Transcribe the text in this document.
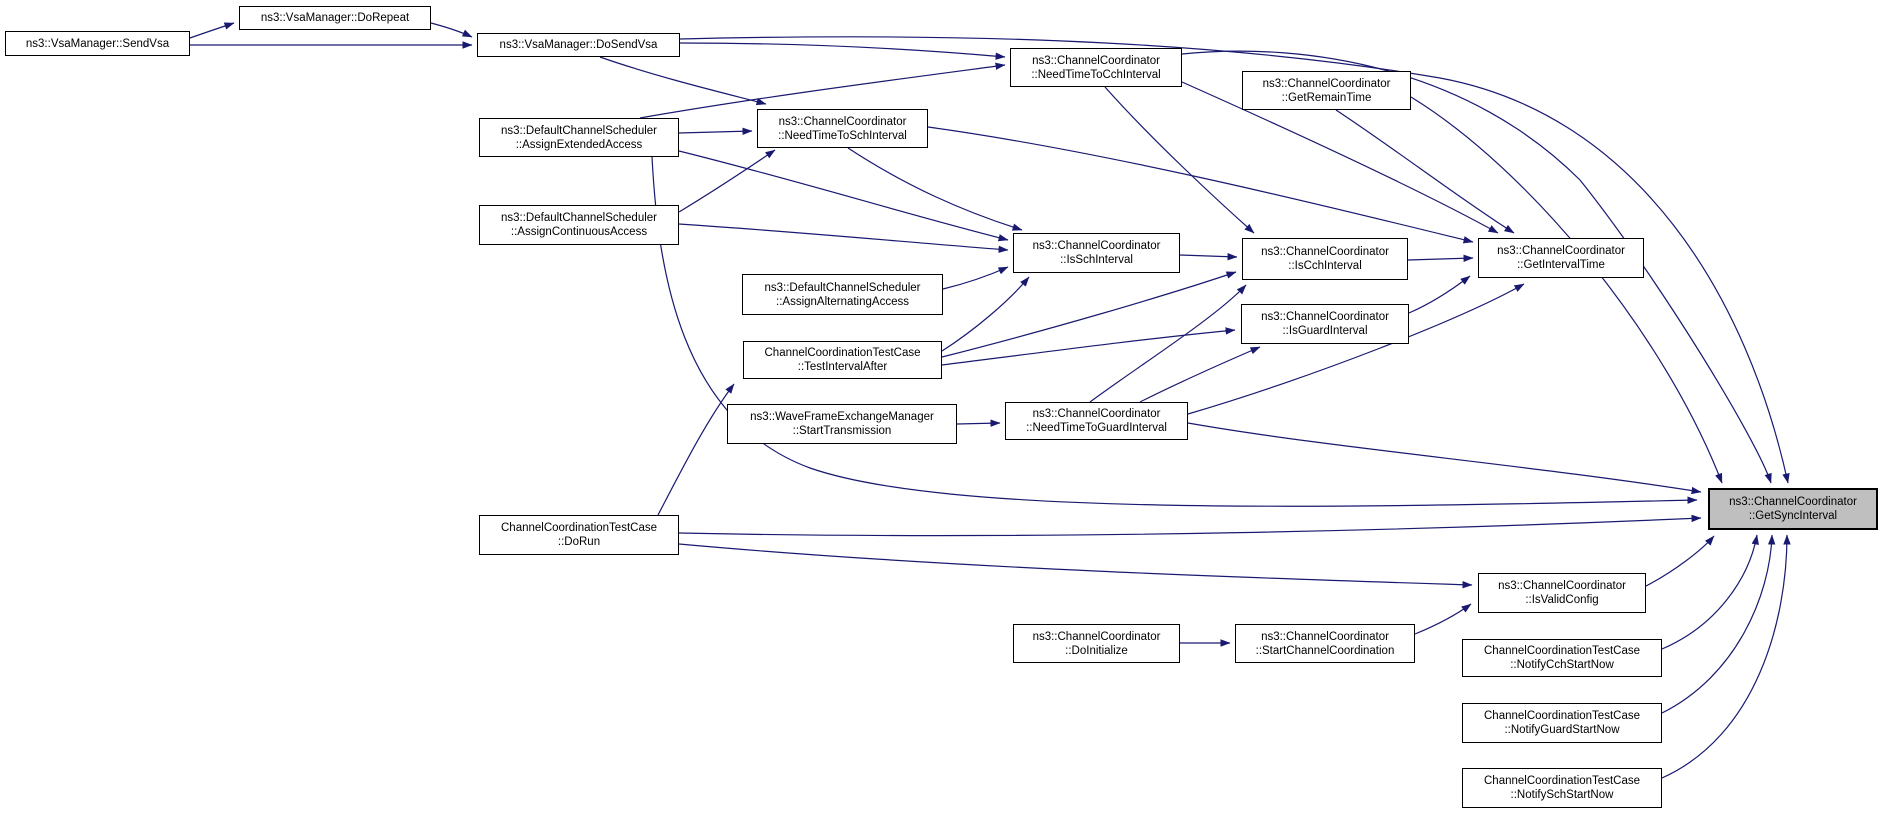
ns3::VsaManager::SendVsa
ns3::VsaManager::DoRepeat
ns3::VsaManager::DoSendVsa
ns3::DefaultChannelScheduler
::AssignExtendedAccess
ns3::DefaultChannelScheduler
::AssignContinuousAccess
ns3::ChannelCoordinator
::NeedTimeToSchInterval
ns3::ChannelCoordinator
::NeedTimeToCchInterval
ns3::ChannelCoordinator
::GetRemainTime
ns3::ChannelCoordinator
::IsSchInterval
ns3::ChannelCoordinator
::IsCchInterval
ns3::ChannelCoordinator
::IsGuardInterval
ns3::ChannelCoordinator
::GetIntervalTime
ns3::DefaultChannelScheduler
::AssignAlternatingAccess
ChannelCoordinationTestCase
::TestIntervalAfter
ns3::WaveFrameExchangeManager
::StartTransmission
ns3::ChannelCoordinator
::NeedTimeToGuardInterval
ChannelCoordinationTestCase
::DoRun
ns3::ChannelCoordinator
::DoInitialize
ns3::ChannelCoordinator
::StartChannelCoordination
ns3::ChannelCoordinator
::IsValidConfig
ChannelCoordinationTestCase
::NotifyCchStartNow
ChannelCoordinationTestCase
::NotifyGuardStartNow
ChannelCoordinationTestCase
::NotifySchStartNow
ns3::ChannelCoordinator
::GetSyncInterval
